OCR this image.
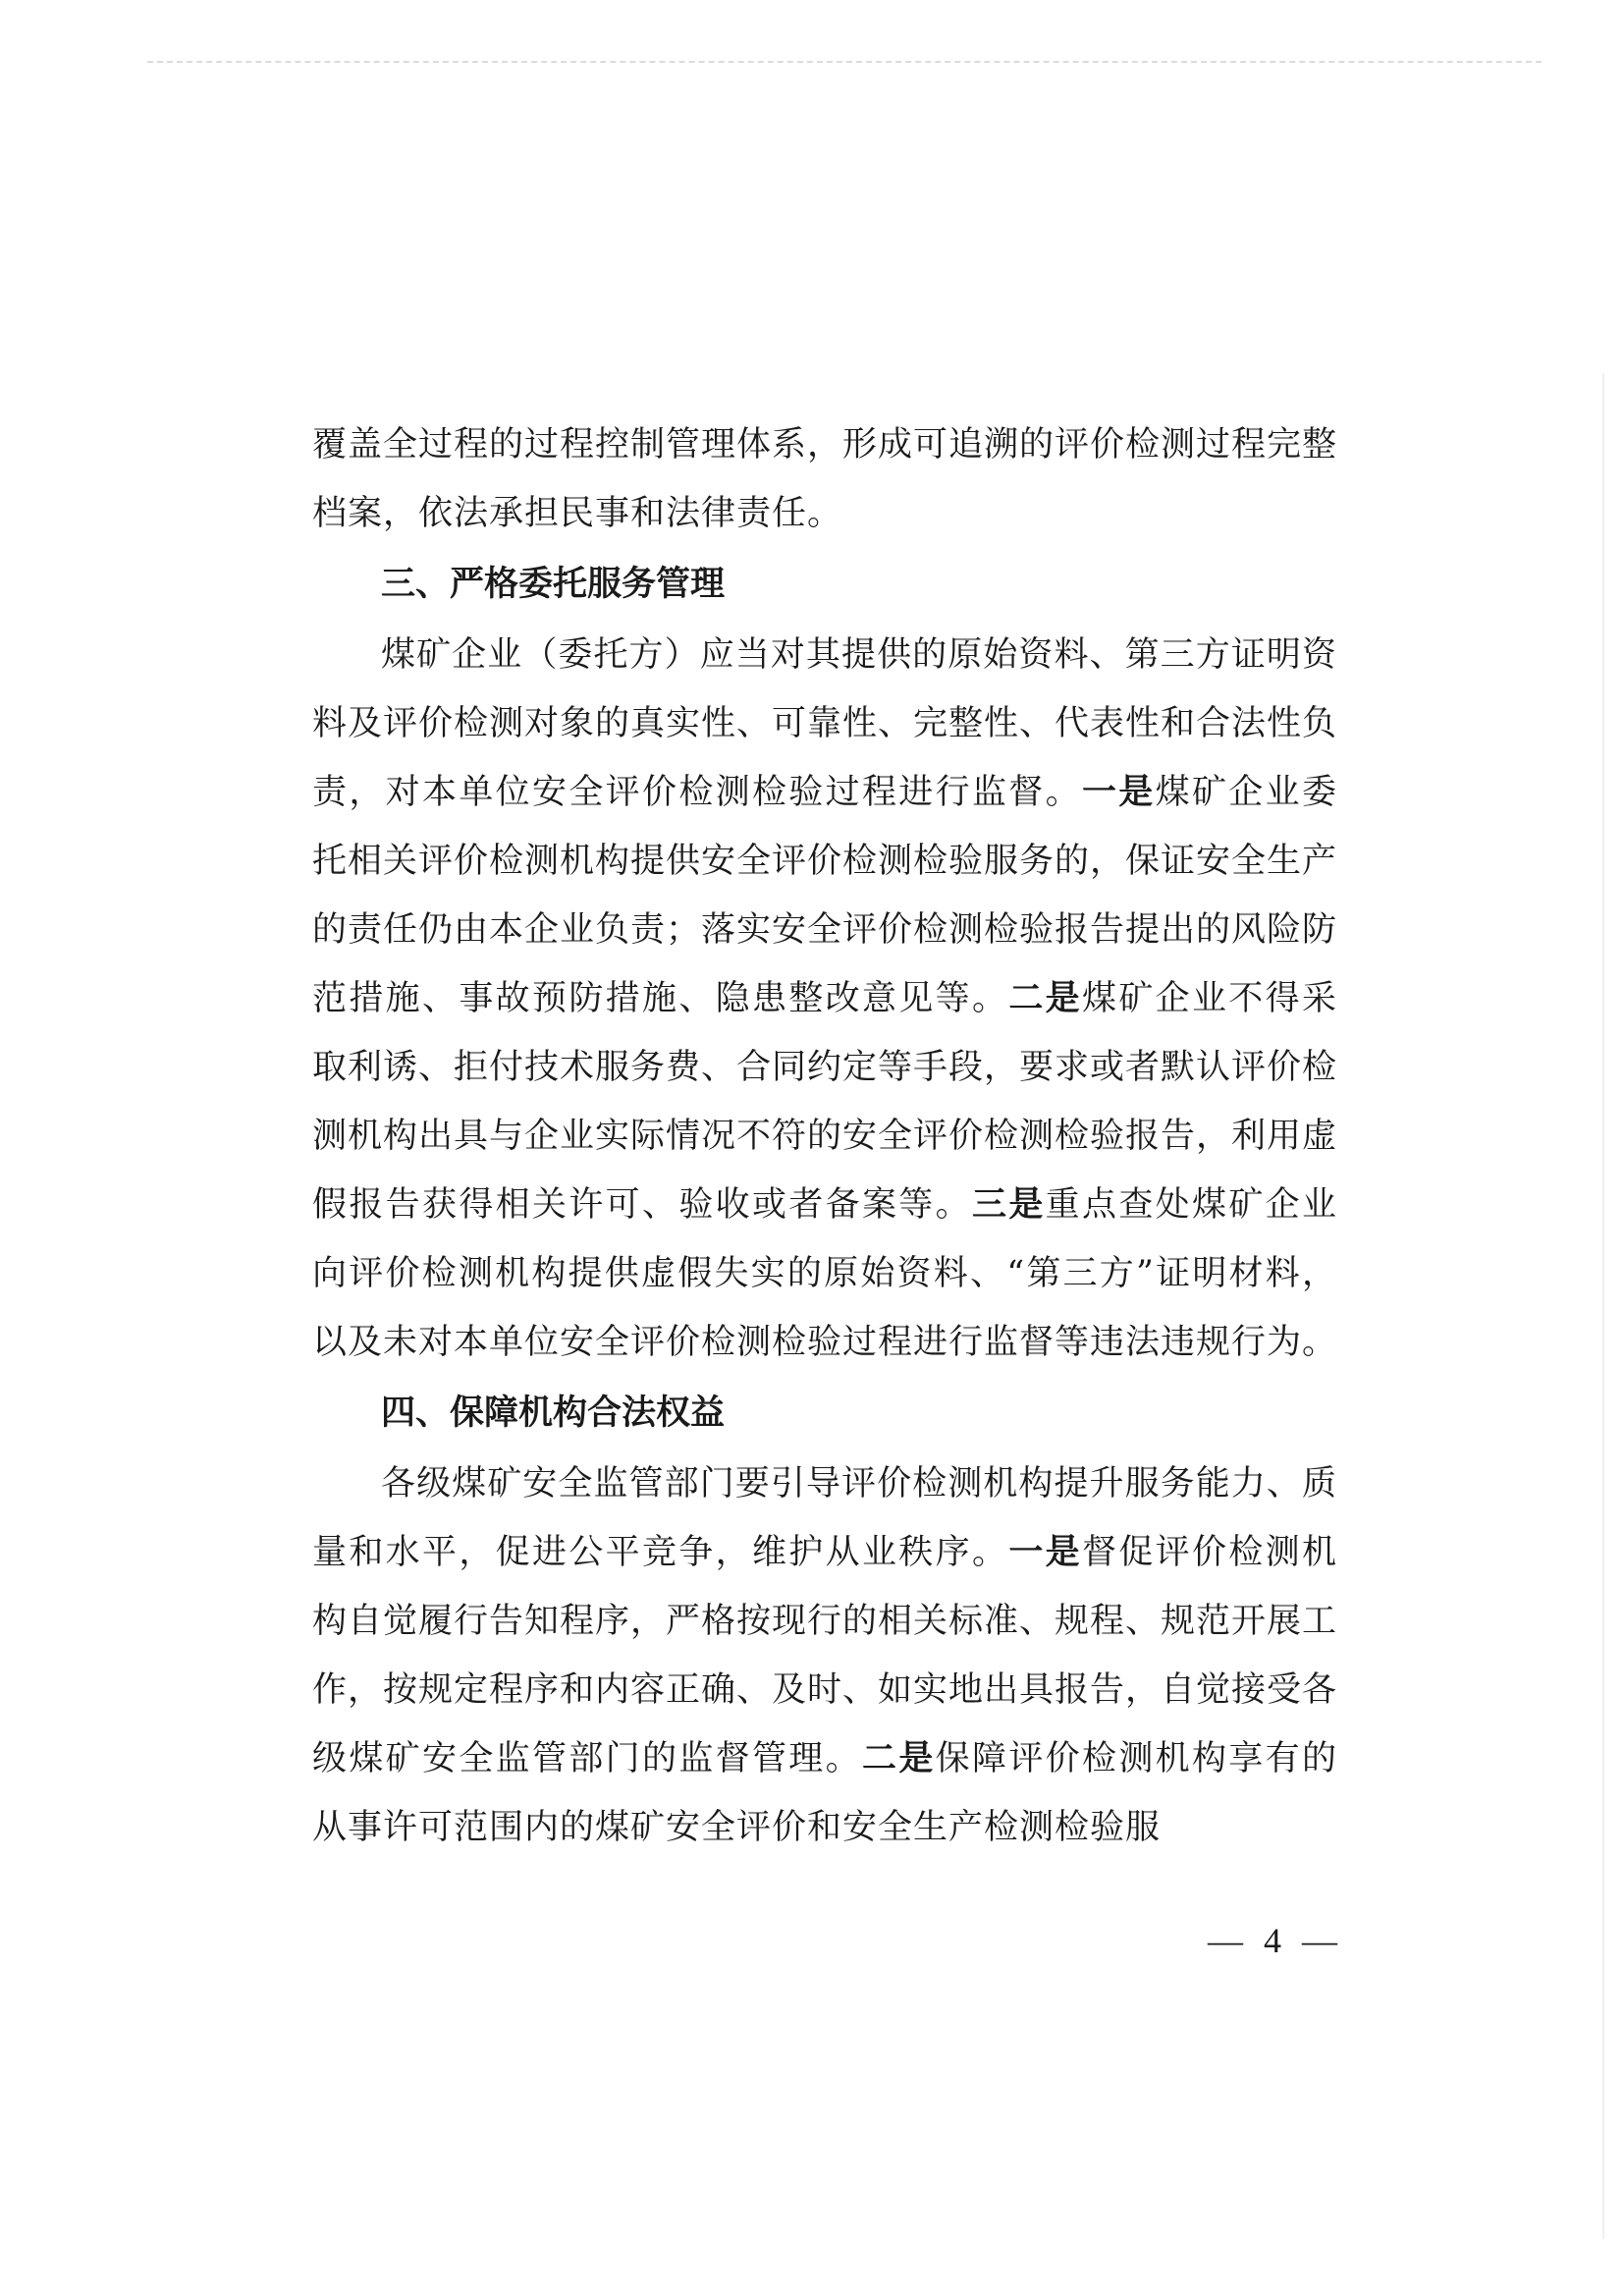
覆盖全过程的过程控制管理体系，形成可追溯的评价检测过程完整档案，依法承担民事和法律责任。

三、严格委托服务管理

煤矿企业（委托方）应当对其提供的原始资料、第三方证明资料及评价检测对象的真实性、可靠性、完整性、代表性和合法性负责，对本单位安全评价检测检验过程进行监督。一是煤矿企业委托相关评价检测机构提供安全评价检测检验服务的，保证安全生产的责任仍由本企业负责；落实安全评价检测检验报告提出的风险防范措施、事故预防措施、隐患整改意见等。二是煤矿企业不得采取利诱、拒付技术服务费、合同约定等手段，要求或者默认评价检测机构出具与企业实际情况不符的安全评价检测检验报告，利用虚假报告获得相关许可、验收或者备案等。三是重点查处煤矿企业向评价检测机构提供虚假失实的原始资料、“第三方”证明材料，以及未对本单位安全评价检测检验过程进行监督等违法违规行为。

四、保障机构合法权益

各级煤矿安全监管部门要引导评价检测机构提升服务能力、质量和水平，促进公平竞争，维护从业秩序。一是督促评价检测机构自觉履行告知程序，严格按现行的相关标准、规程、规范开展工作，按规定程序和内容正确、及时、如实地出具报告，自觉接受各级煤矿安全监管部门的监督管理。二是保障评价检测机构享有的从事许可范围内的煤矿安全评价和安全生产检测检验服

— 4 —
